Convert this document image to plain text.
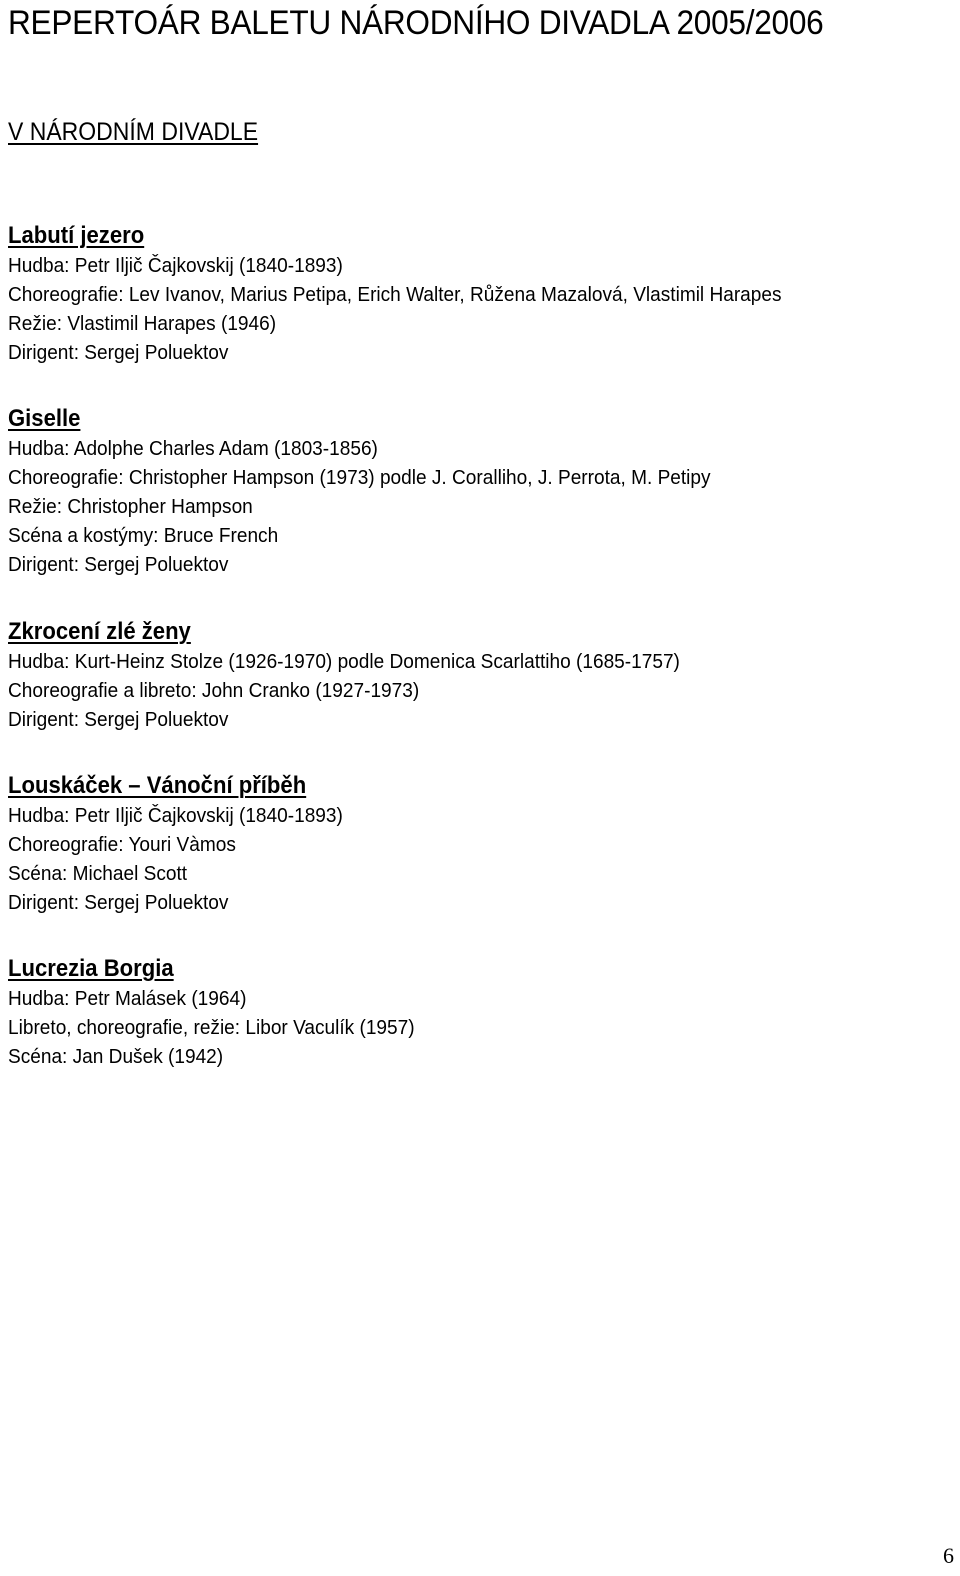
REPERTOÁR BALETU NÁRODNÍHO DIVADLA 2005/2006
V NÁRODNÍM DIVADLE
Labutí jezero

Hudba: Petr Iljič Čajkovskij (1840-1893)

Choreografie: Lev Ivanov, Marius Petipa, Erich Walter, Růžena Mazalová, Vlastimil Harapes

Režie: Vlastimil Harapes (1946)

Dirigent: Sergej Poluektov

Giselle

Hudba: Adolphe Charles Adam (1803-1856)

Choreografie: Christopher Hampson (1973) podle J. Coralliho, J. Perrota, M. Petipy

Režie: Christopher Hampson

Scéna a kostýmy: Bruce French

Dirigent: Sergej Poluektov

Zkrocení zlé ženy

Hudba: Kurt-Heinz Stolze (1926-1970) podle Domenica Scarlattiho (1685-1757)

Choreografie a libreto: John Cranko (1927-1973)

Dirigent: Sergej Poluektov

Louskáček – Vánoční příběh

Hudba: Petr Iljič Čajkovskij (1840-1893)

Choreografie: Youri Vàmos

Scéna: Michael Scott

Dirigent: Sergej Poluektov

Lucrezia Borgia

Hudba: Petr Malásek (1964)

Libreto, choreografie, režie: Libor Vaculík (1957)

Scéna: Jan Dušek (1942)

6
